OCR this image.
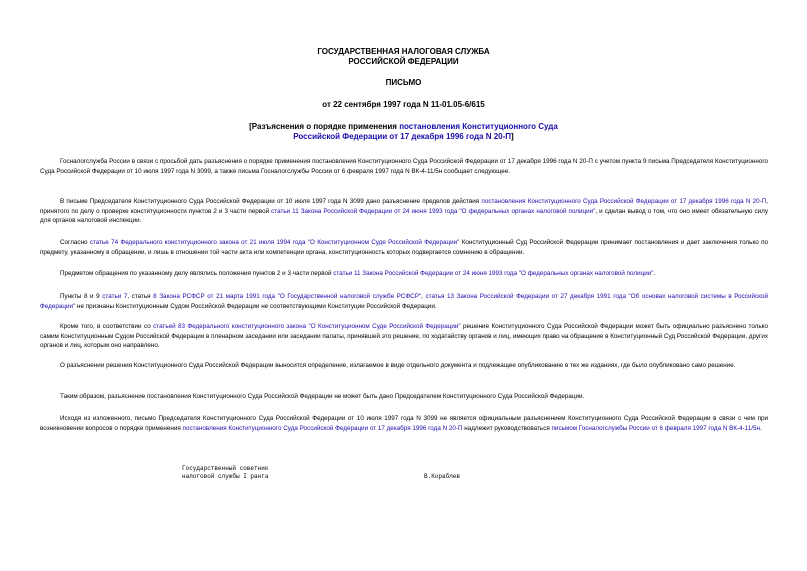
ГОСУДАРСТВЕННАЯ НАЛОГОВАЯ СЛУЖБА
РОССИЙСКОЙ ФЕДЕРАЦИИ
ПИСЬМО
от 22 сентября 1997 года N 11-01.05-6/615
[Разъяснения о порядке применения постановления Конституционного Суда
Российской Федерации от 17 декабря 1996 года N 20-П]
Госналогслужба России в связи с просьбой дать разъяснения о порядке применения постановления Конституционного Суда Российской Федерации от 17 декабря 1996 года N 20-П с учетом пункта 9 письма Председателя Конституционного Суда Российской Федерации от 10 июля 1997 года N 3099, а также письма Госналогслужбы России от 6 февраля 1997 года N ВК-4-11/5н сообщает следующее.
В письме Председателя Конституционного Суда Российской Федерации от 10 июля 1997 года N 3099 дано разъяснение пределов действия постановления Конституционного Суда Российской Федерации от 17 декабря 1996 года N 20-П, принятого по делу о проверке конституционности пунктов 2 и 3 части первой статьи 11 Закона Российской Федерации от 24 июня 1993 года "О федеральных органах налоговой полиции", и сделан вывод о том, что оно имеет обязательную силу для органов налоговой инспекции.
Согласно статье 74 Федерального конституционного закона от 21 июля 1994 года "О Конституционном Суде Российской Федерации" Конституционный Суд Российской Федерации принимает постановления и дает заключения только по предмету, указанному в обращении, и лишь в отношении той части акта или компетенции органа, конституционность которых подвергается сомнению в обращении.
Предметом обращения по указанному делу являлись положения пунктов 2 и 3 части первой статьи 11 Закона Российской Федерации от 24 июня 1993 года "О федеральных органах налоговой полиции".
Пункты 8 и 9 статьи 7, статья 8 Закона РСФСР от 21 марта 1991 года "О Государственной налоговой службе РСФСР", статья 13 Закона Российской Федерации от 27 декабря 1991 года "Об основах налоговой системы в Российской Федерации" не признаны Конституционным Судом Российской Федерации не соответствующими Конституции Российской Федерации.
Кроме того, в соответствии со статьей 83 Федерального конституционного закона "О Конституционном Суде Российской Федерации" решение Конституционного Суда Российской Федерации может быть официально разъяснено только самим Конституционным Судом Российской Федерации в пленарном заседании или заседании палаты, принявшей это решение, по ходатайству органов и лиц, имеющих право на обращение в Конституционный Суд Российской Федерации, других органов и лиц, которым оно направлено.
О разъяснении решения Конституционного Суда Российской Федерации выносится определение, излагаемое в виде отдельного документа и подлежащее опубликованию в тех же изданиях, где было опубликовано само решение.
Таким образом, разъяснение постановления Конституционного Суда Российской Федерации не может быть дано Председателем Конституционного Суда Российской Федерации.
Исходя из изложенного, письмо Председателя Конституционного Суда Российской Федерации от 10 июля 1997 года N 3099 не является официальным разъяснением Конституционного Суда Российской Федерации в связи с чем при возникновении вопросов о порядке применения постановления Конституционного Суда Российской Федерации от 17 декабря 1996 года N 20-П надлежит руководствоваться письмом Госналогслужбы России от 6 февраля 1997 года N ВК-4-11/5н.
Государственный советник
налоговой службы I ранга	В.Кораблев
